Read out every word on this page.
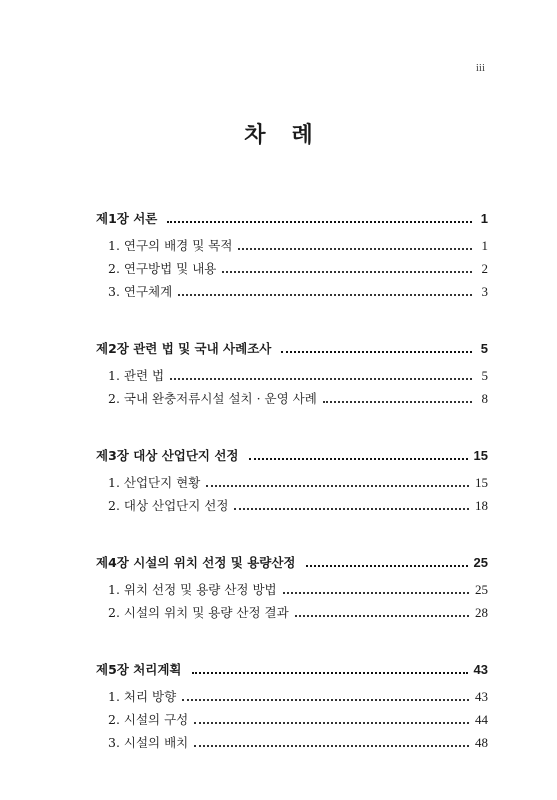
iii
차례
제1장 서론	1
1. 연구의 배경 및 목적	1
2. 연구방법 및 내용	2
3. 연구체계	3
제2장 관련 법 및 국내 사례조사	5
1. 관련 법	5
2. 국내 완충저류시설 설치 · 운영 사례	8
제3장 대상 산업단지 선정	15
1. 산업단지 현황	15
2. 대상 산업단지 선정	18
제4장 시설의 위치 선정 및 용량산정	25
1. 위치 선정 및 용량 산정 방법	25
2. 시설의 위치 및 용량 산정 결과	28
제5장 처리계획	43
1. 처리 방향	43
2. 시설의 구성	44
3. 시설의 배치	48
